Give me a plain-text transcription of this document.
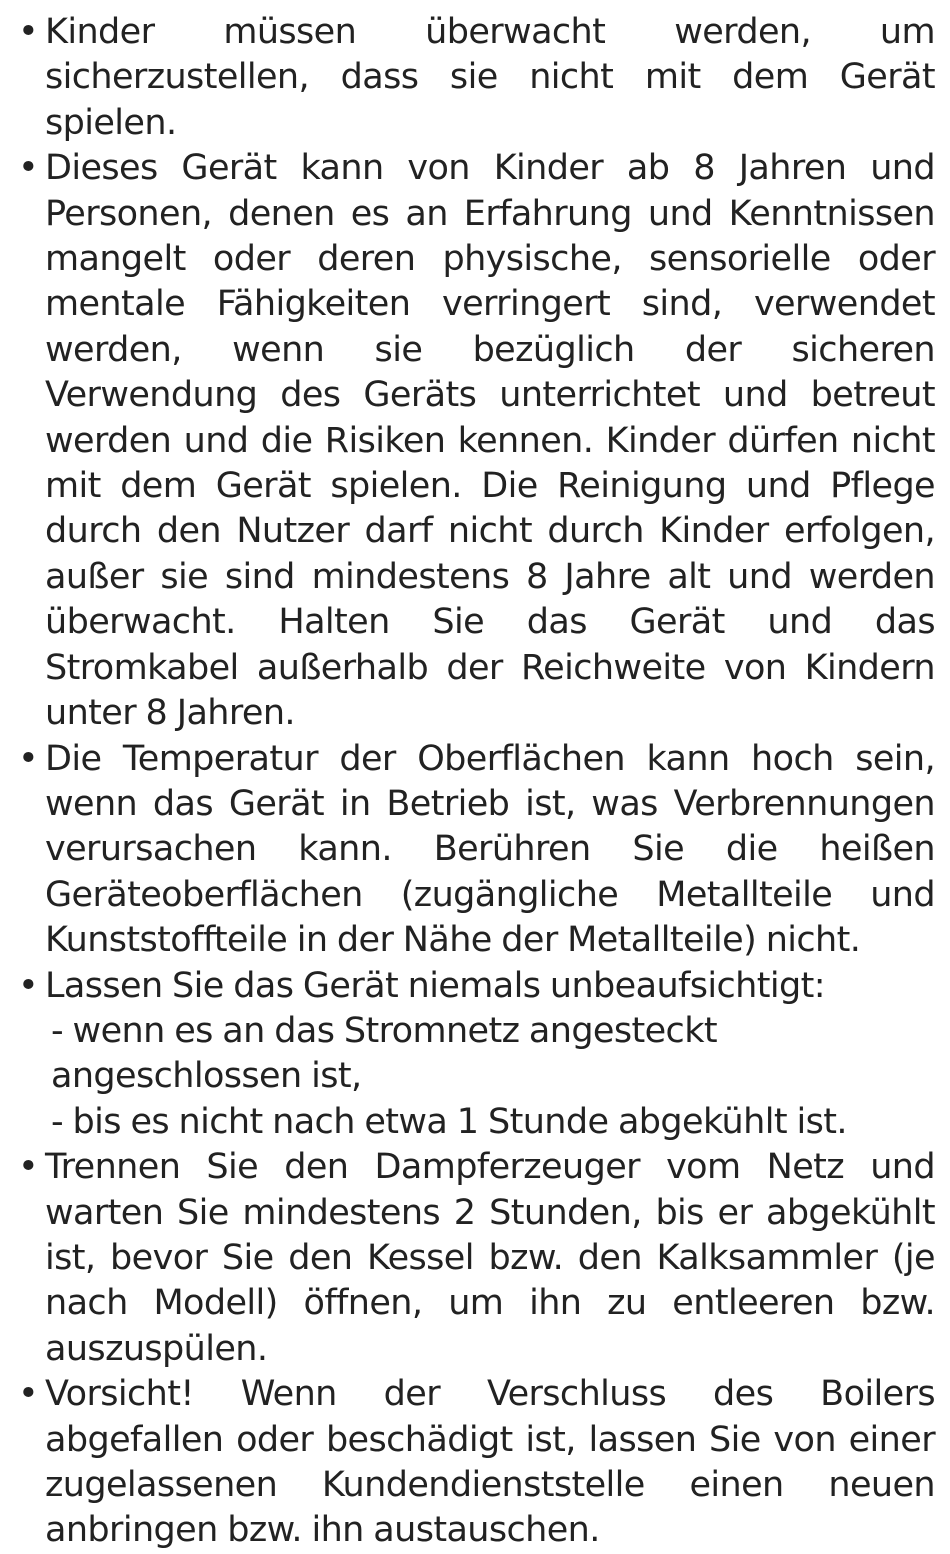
• Kinder müssen überwacht werden, um sicherzustellen, dass sie nicht mit dem Gerät spielen.
• Dieses Gerät kann von Kinder ab 8 Jahren und Personen, denen es an Erfahrung und Kenntnissen mangelt oder deren physische, sensorielle oder mentale Fähigkeiten verringert sind, verwendet werden, wenn sie bezüglich der sicheren Verwendung des Geräts unterrichtet und betreut werden und die Risiken kennen. Kinder dürfen nicht mit dem Gerät spielen. Die Reinigung und Pflege durch den Nutzer darf nicht durch Kinder erfolgen, außer sie sind mindestens 8 Jahre alt und werden überwacht. Halten Sie das Gerät und das Stromkabel außerhalb der Reichweite von Kindern unter 8 Jahren.
• Die Temperatur der Oberflächen kann hoch sein, wenn das Gerät in Betrieb ist, was Verbrennungen verursachen kann. Berühren Sie die heißen Geräteoberflächen (zugängliche Metallteile und Kunststoffteile in der Nähe der Metallteile) nicht.
• Lassen Sie das Gerät niemals unbeaufsichtigt:
- wenn es an das Stromnetz angesteckt angeschlossen ist,
- bis es nicht nach etwa 1 Stunde abgekühlt ist.
• Trennen Sie den Dampferzeuger vom Netz und warten Sie mindestens 2 Stunden, bis er abgekühlt ist, bevor Sie den Kessel bzw. den Kalksammler (je nach Modell) öffnen, um ihn zu entleeren bzw. auszuspülen.
• Vorsicht! Wenn der Verschluss des Boilers abgefallen oder beschädigt ist, lassen Sie von einer zugelassenen Kundendienststelle einen neuen anbringen bzw. ihn austauschen.
